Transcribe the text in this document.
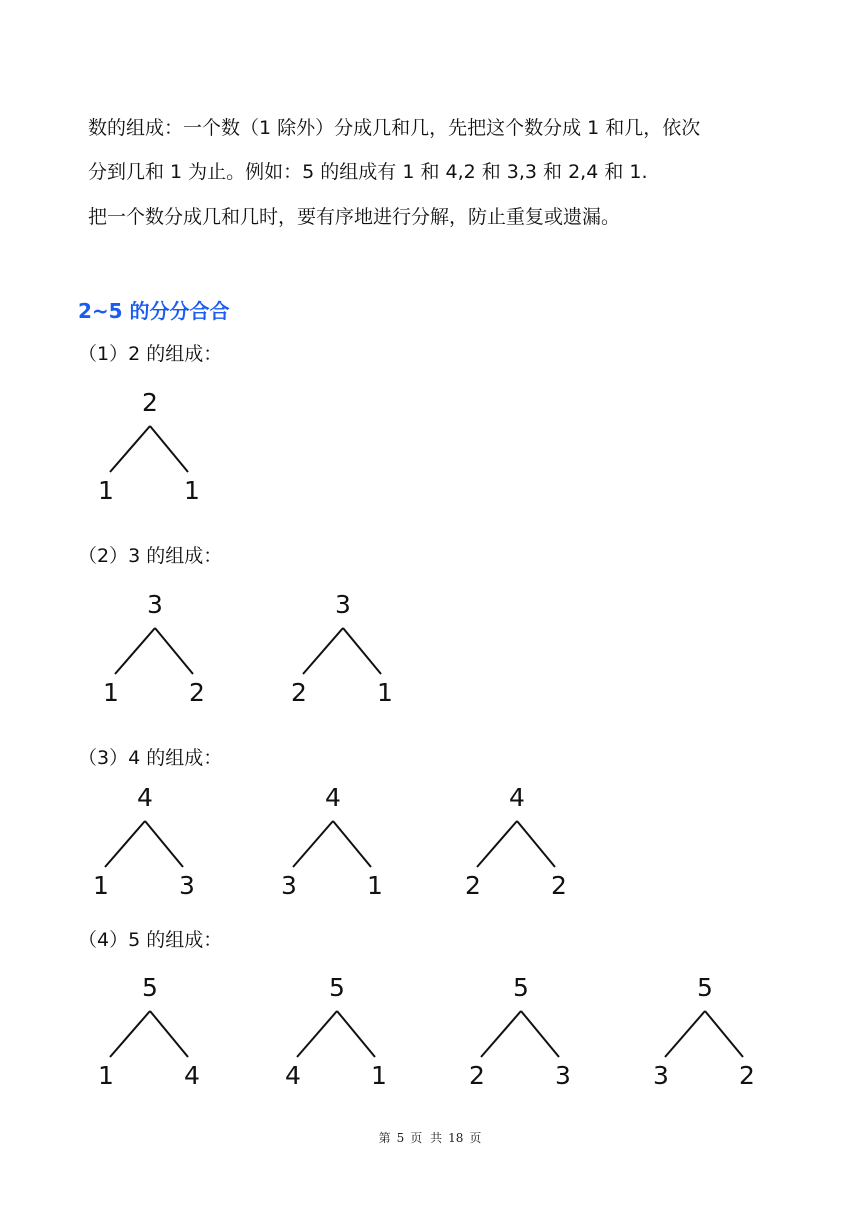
数的组成：一个数（1 除外）分成几和几，先把这个数分成 1 和几，依次
分到几和 1 为止。例如：5 的组成有 1 和 4,2 和 3,3 和 2,4 和 1.
把一个数分成几和几时，要有序地进行分解，防止重复或遗漏。
2~5 的分分合合
（1）2 的组成：
（2）3 的组成：
（3）4 的组成：
（4）5 的组成：
2
1	1
3
1	2
3
2	1
4
1	3
4
3	1
4
2	2
5
1	4
5
4	1
5
2	3
5
3	2
第 5 页 共 18 页
